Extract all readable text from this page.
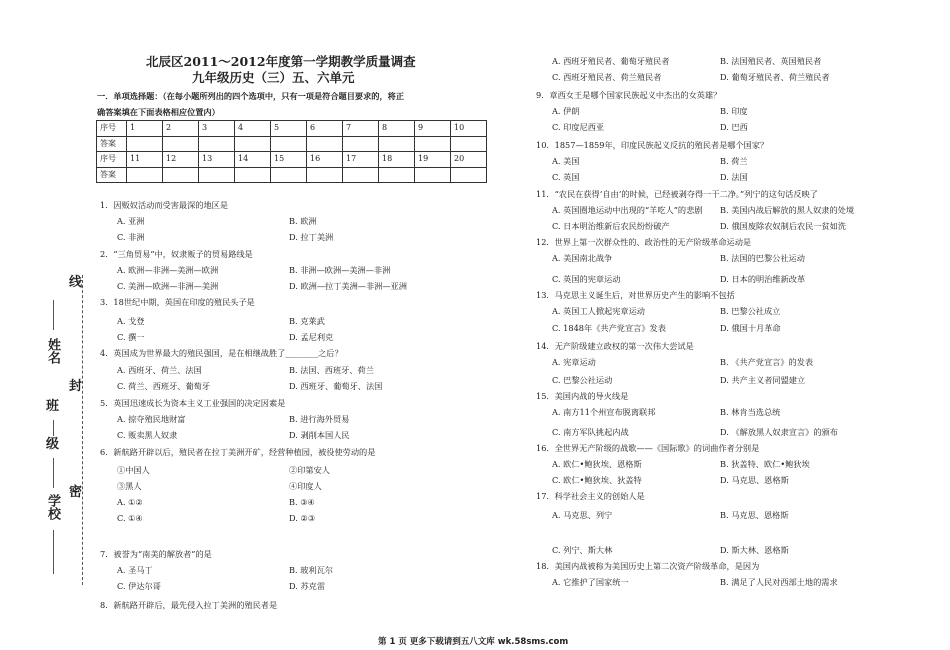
北辰区2011～2012年度第一学期教学质量调查
九年级历史（三）五、六单元
一．单项选择题：（在每小题所列出的四个选项中，只有一项是符合题目要求的，将正
确答案填在下面表格相应位置内）
序号	1	2	3	4	5	6	7	8	9	10
答案										
序号	11	12	13	14	15	16	17	18	19	20
答案										
线
封
密
姓名
班
级
学校
1．因贩奴活动而受害最深的地区是
A. 亚洲	B. 欧洲
C. 非洲	D. 拉丁美洲
2．“三角贸易”中，奴隶贩子的贸易路线是
A. 欧洲—非洲—美洲—欧洲	B. 非洲—欧洲—美洲—非洲
C. 美洲—欧洲—非洲—美洲	D. 欧洲—拉丁美洲—非洲—亚洲
3．18世纪中期，英国在印度的殖民头子是
A. 戈登	B. 克莱武
C. 撰一	D. 孟尼利克
4．英国成为世界最大的殖民强国，是在相继战胜了________之后？
A. 西班牙、荷兰、法国	B. 法国、西班牙、荷兰
C. 荷兰、西班牙、葡萄牙	D. 西班牙、葡萄牙、法国
5．英国迅速成长为资本主义工业强国的决定因素是
A. 掠夺殖民地财富	B. 进行海外贸易
C. 贩卖黑人奴隶	D. 剥削本国人民
6．新航路开辟以后，殖民者在拉丁美洲开矿，经营种植园，被役使劳动的是
①中国人	②印第安人
③黑人	④印度人
A. ①②	B. ③④
C. ①④	D. ②③
7．被誉为“南美的解放者”的是
A. 圣马丁	B. 玻利瓦尔
C. 伊达尔哥	D. 苏克雷
8．新航路开辟后，最先侵入拉丁美洲的殖民者是
A. 西班牙殖民者、葡萄牙殖民者	B. 法国殖民者、英国殖民者
C. 西班牙殖民者、荷兰殖民者	D. 葡萄牙殖民者、荷兰殖民者
9．章西女王是哪个国家民族起义中杰出的女英雄？
A. 伊朗	B. 印度
C. 印度尼西亚	D. 巴西
10．1857—1859年，印度民族起义反抗的殖民者是哪个国家？
A. 美国	B. 荷兰
C. 英国	D. 法国
11．“农民在获得‘自由’的时候，已经被剥夺得一干二净。”列宁的这句话反映了
A. 英国圈地运动中出现的“羊吃人”的悲剧 B. 美国内战后解放的黑人奴隶的处境
C. 日本明治维新后农民纷纷破产	D. 俄国废除农奴制后农民一贫如洗
12．世界上第一次群众性的、政治性的无产阶级革命运动是
A. 美国南北战争	B. 法国的巴黎公社运动
C. 英国的宪章运动	D. 日本的明治维新改革
13．马克思主义诞生后，对世界历史产生的影响不包括
A. 英国工人掀起宪章运动	B. 巴黎公社成立
C. 1848年《共产党宣言》发表	D. 俄国十月革命
14．无产阶级建立政权的第一次伟大尝试是
A. 宪章运动	B. 《共产党宣言》的发表
C. 巴黎公社运动	D. 共产主义者同盟建立
15．美国内战的导火线是
A. 南方11个州宣布脱离联邦	B. 林肯当选总统
C. 南方军队挑起内战	D. 《解放黑人奴隶宣言》的颁布
16．全世界无产阶级的战歌——《国际歌》的词曲作者分别是
A. 欧仁•鲍狄埃、恩格斯	B. 狄盖特、欧仁•鲍狄埃
C. 欧仁•鲍狄埃、狄盖特	D. 马克思、恩格斯
17．科学社会主义的创始人是
A. 马克思、列宁	B. 马克思、恩格斯
C. 列宁、斯大林	D. 斯大林、恩格斯
18．美国内战被称为美国历史上第二次资产阶级革命，是因为
A. 它推护了国家统一	B. 满足了人民对西部土地的需求
第 1 页 更多下载请到五八文库 wk.58sms.com
